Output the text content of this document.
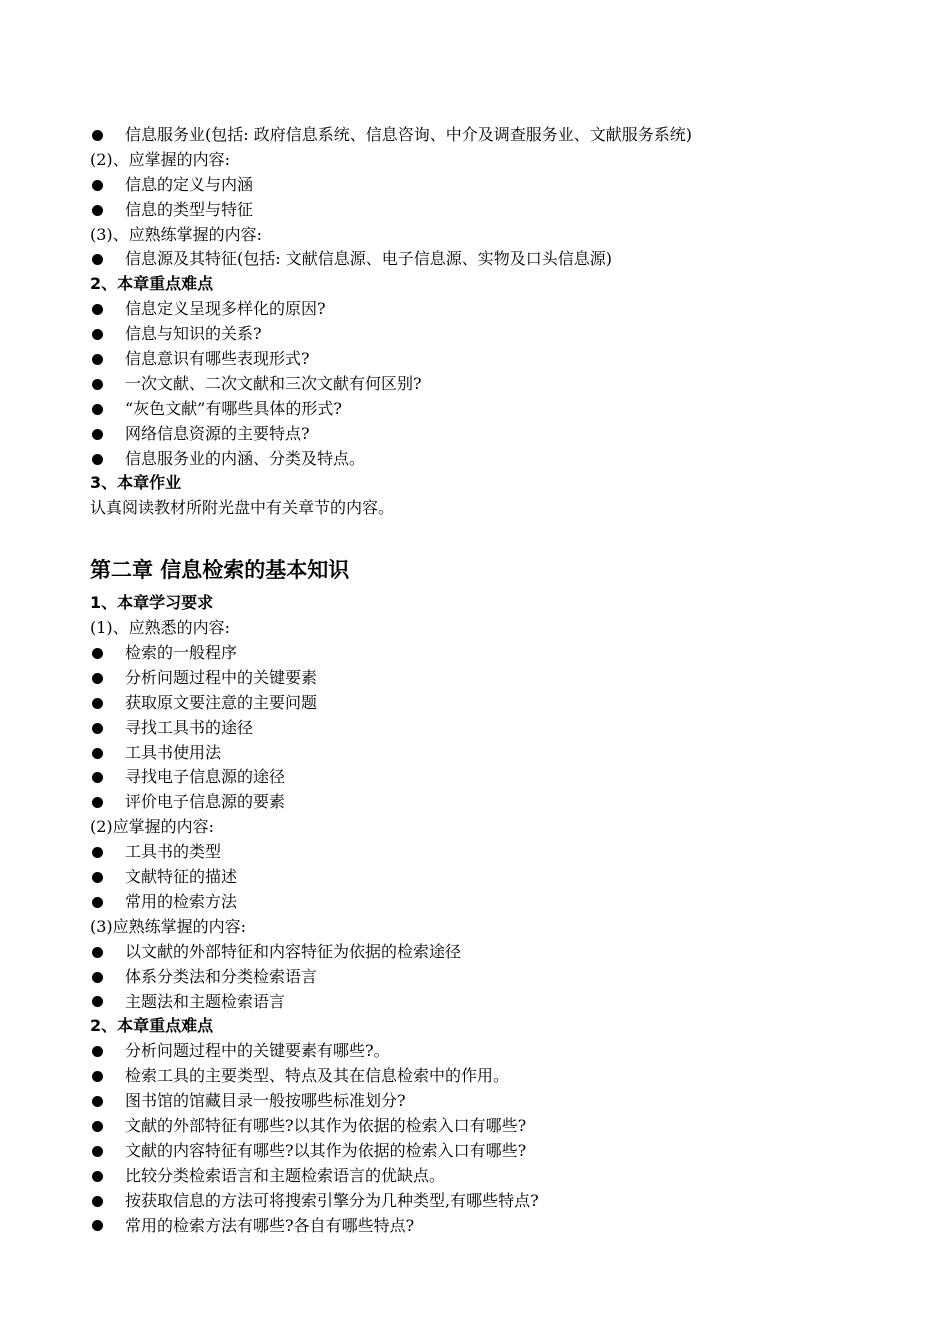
信息服务业(包括: 政府信息系统、信息咨询、中介及调查服务业、文献服务系统)
(2)、应掌握的内容:
信息的定义与内涵
信息的类型与特征
(3)、应熟练掌握的内容:
信息源及其特征(包括: 文献信息源、电子信息源、实物及口头信息源)
2、本章重点难点
信息定义呈现多样化的原因?
信息与知识的关系?
信息意识有哪些表现形式?
一次文献、二次文献和三次文献有何区别?
“灰色文献”有哪些具体的形式?
网络信息资源的主要特点?
信息服务业的内涵、分类及特点。
3、本章作业
认真阅读教材所附光盘中有关章节的内容。
第二章 信息检索的基本知识
1、本章学习要求
(1)、应熟悉的内容:
检索的一般程序
分析问题过程中的关键要素
获取原文要注意的主要问题
寻找工具书的途径
工具书使用法
寻找电子信息源的途径
评价电子信息源的要素
(2)应掌握的内容:
工具书的类型
文献特征的描述
常用的检索方法
(3)应熟练掌握的内容:
以文献的外部特征和内容特征为依据的检索途径
体系分类法和分类检索语言
主题法和主题检索语言
2、本章重点难点
分析问题过程中的关键要素有哪些?。
检索工具的主要类型、特点及其在信息检索中的作用。
图书馆的馆藏目录一般按哪些标准划分?
文献的外部特征有哪些?以其作为依据的检索入口有哪些?
文献的内容特征有哪些?以其作为依据的检索入口有哪些?
比较分类检索语言和主题检索语言的优缺点。
按获取信息的方法可将搜索引擎分为几种类型,有哪些特点?
常用的检索方法有哪些?各自有哪些特点?
